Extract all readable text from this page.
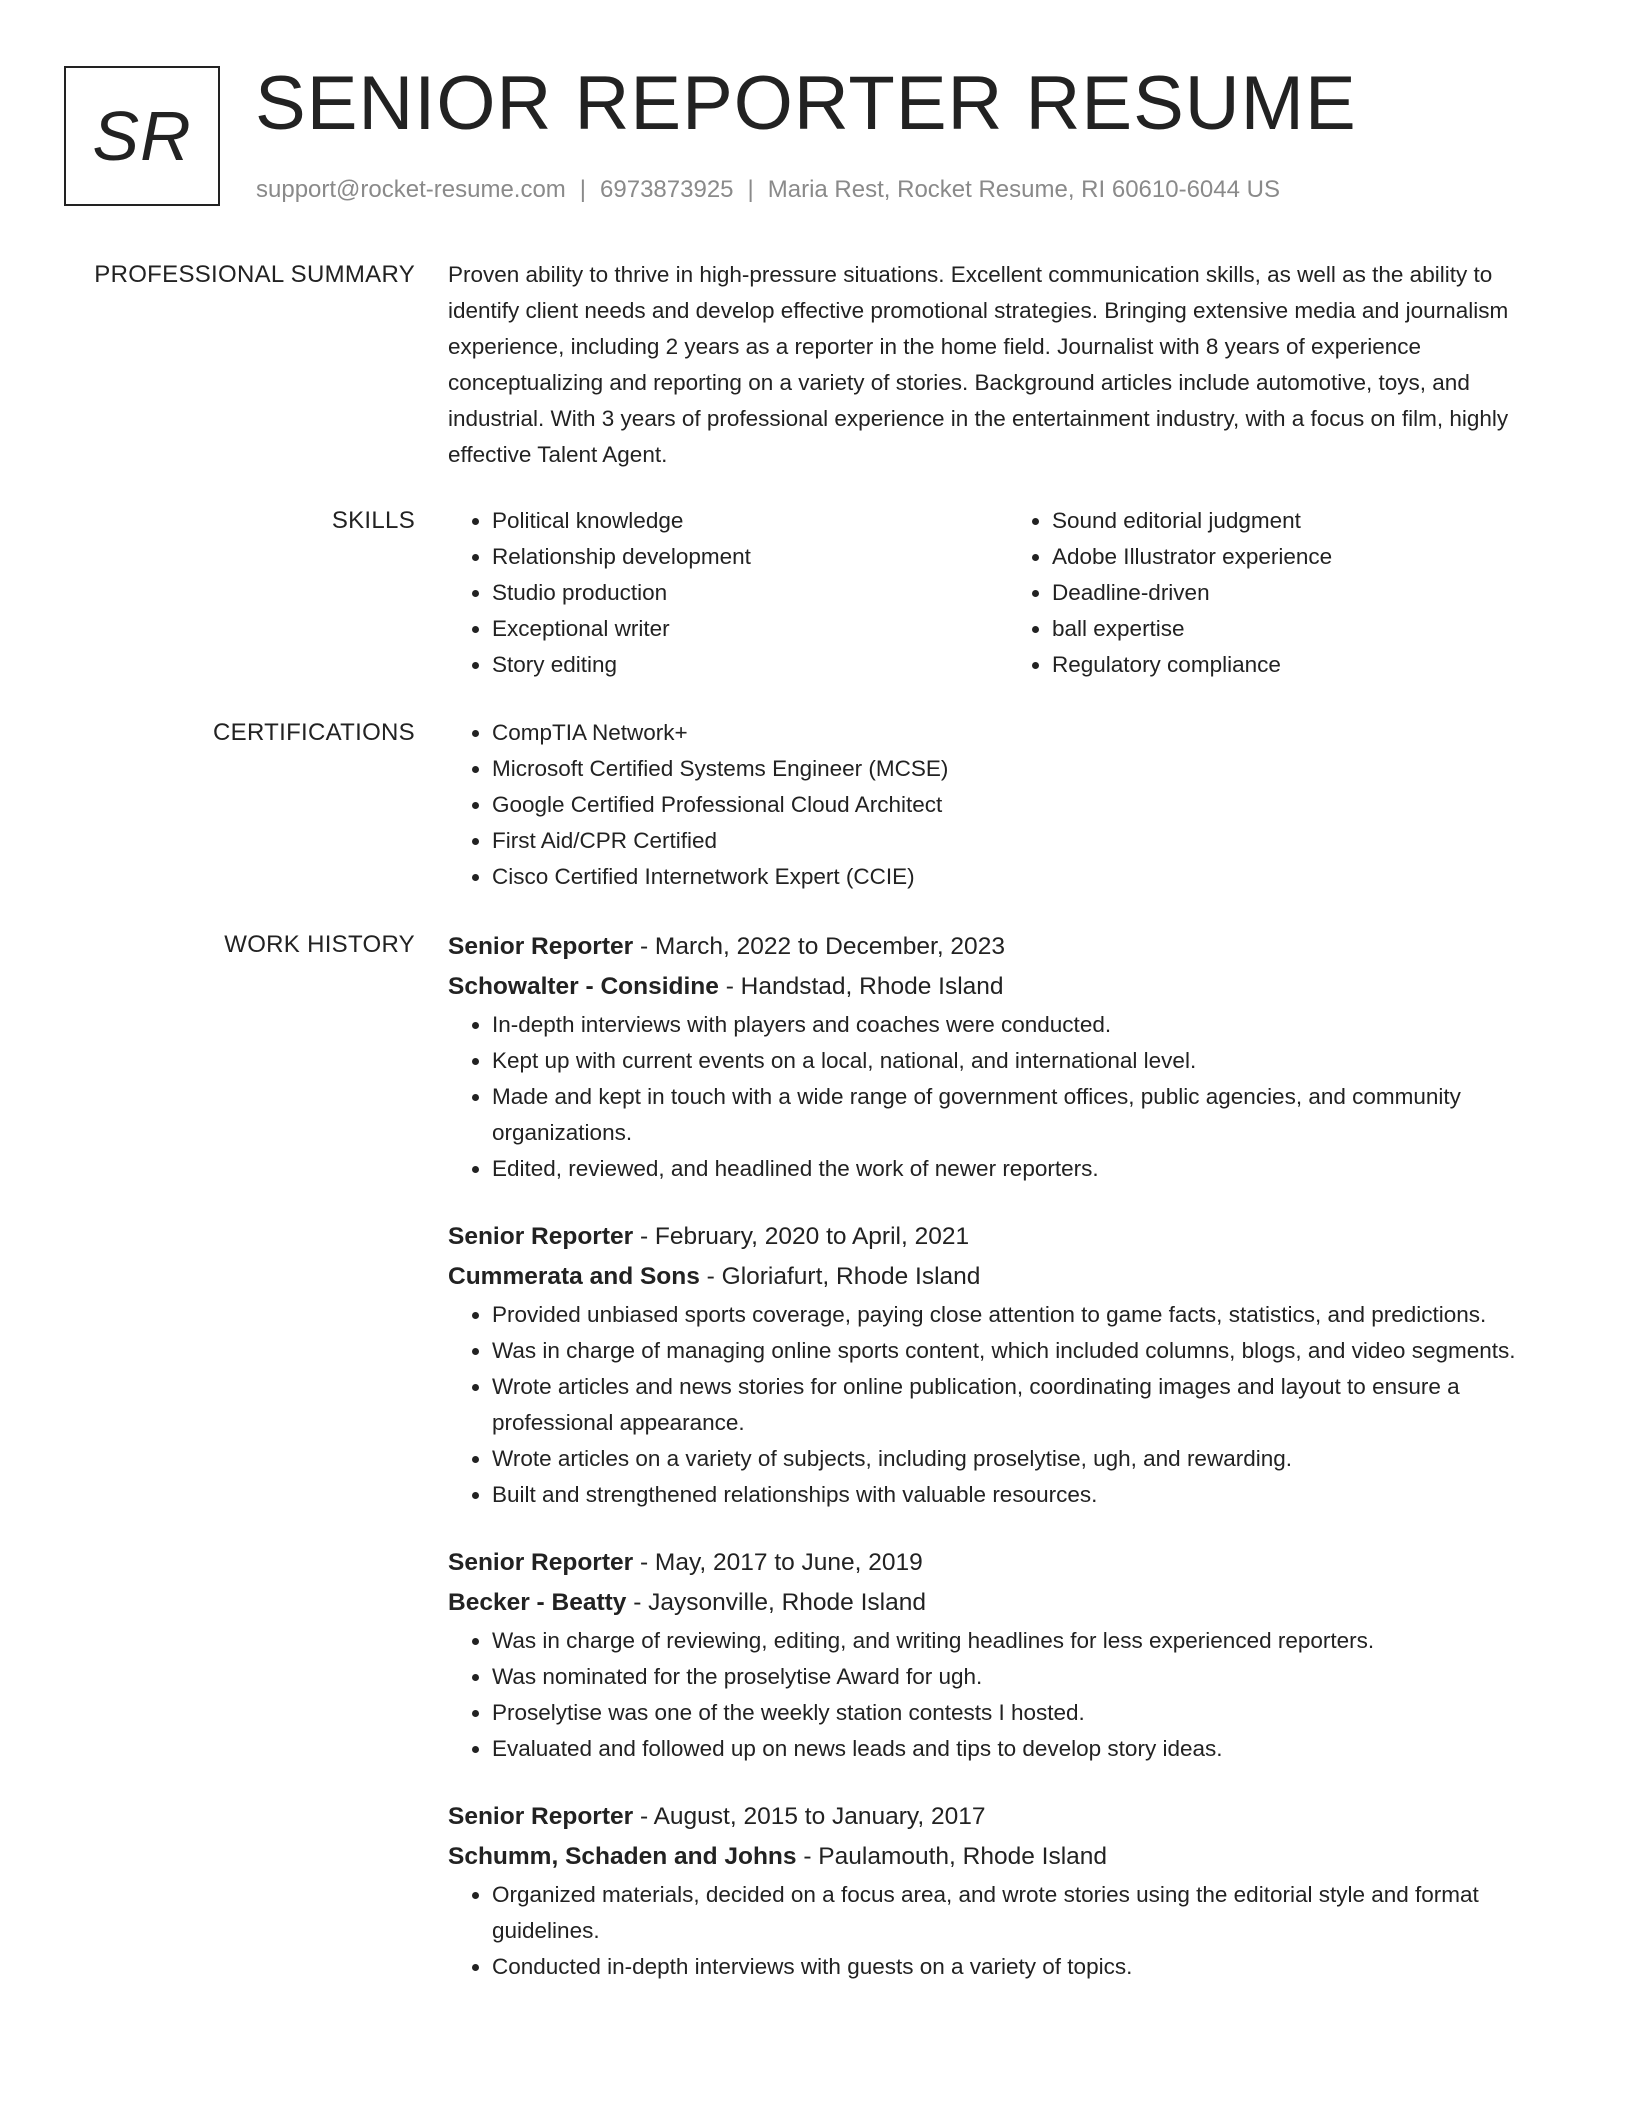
SR SENIOR REPORTER RESUME
support@rocket-resume.com | 6973873925 | Maria Rest, Rocket Resume, RI 60610-6044 US
PROFESSIONAL SUMMARY Proven ability to thrive in high-pressure situations. Excellent communication skills, as well as the ability to identify client needs and develop effective promotional strategies. Bringing extensive media and journalism experience, including 2 years as a reporter in the home field. Journalist with 8 years of experience conceptualizing and reporting on a variety of stories. Background articles include automotive, toys, and industrial. With 3 years of professional experience in the entertainment industry, with a focus on film, highly effective Talent Agent.

SKILLS	• Political knowledge
• Relationship development
• Studio production
• Exceptional writer
• Story editing
• Sound editorial judgment
• Adobe Illustrator experience
• Deadline-driven
• ball expertise
• Regulatory compliance
CERTIFICATIONS	• CompTIA Network+
• Microsoft Certified Systems Engineer (MCSE)
• Google Certified Professional Cloud Architect
• First Aid/CPR Certified
• Cisco Certified Internetwork Expert (CCIE)
WORK HISTORY Senior Reporter - March, 2022 to December, 2023
Schowalter - Considine - Handstad, Rhode Island
• In-depth interviews with players and coaches were conducted.
• Kept up with current events on a local, national, and international level.
• Made and kept in touch with a wide range of government offices, public agencies, and community organizations.
• Edited, reviewed, and headlined the work of newer reporters.
Senior Reporter - February, 2020 to April, 2021
Cummerata and Sons - Gloriafurt, Rhode Island
• Provided unbiased sports coverage, paying close attention to game facts, statistics, and predictions.
• Was in charge of managing online sports content, which included columns, blogs, and video segments.
• Wrote articles and news stories for online publication, coordinating images and layout to ensure a professional appearance.
• Wrote articles on a variety of subjects, including proselytise, ugh, and rewarding.
• Built and strengthened relationships with valuable resources.
Senior Reporter - May, 2017 to June, 2019
Becker - Beatty - Jaysonville, Rhode Island
• Was in charge of reviewing, editing, and writing headlines for less experienced reporters.
• Was nominated for the proselytise Award for ugh.
• Proselytise was one of the weekly station contests I hosted.
• Evaluated and followed up on news leads and tips to develop story ideas.
Senior Reporter - August, 2015 to January, 2017
Schumm, Schaden and Johns - Paulamouth, Rhode Island
• Organized materials, decided on a focus area, and wrote stories using the editorial style and format guidelines.
• Conducted in-depth interviews with guests on a variety of topics.
